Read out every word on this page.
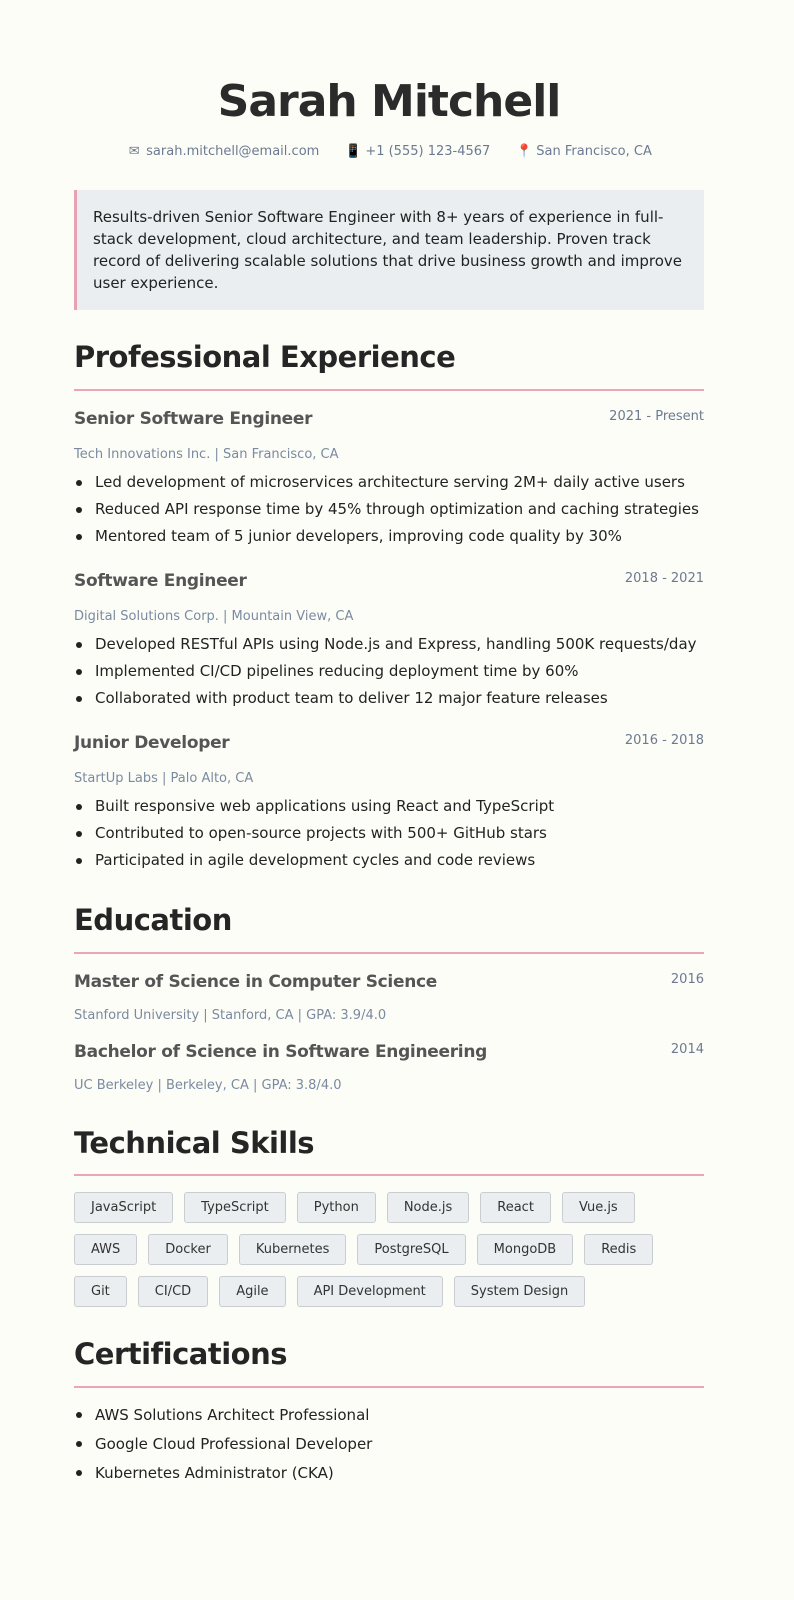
Sarah Mitchell
✉ sarah.mitchell@email.com 📱 +1 (555) 123-4567 📍 San Francisco, CA
Results-driven Senior Software Engineer with 8+ years of experience in full-stack development, cloud architecture, and team leadership. Proven track record of delivering scalable solutions that drive business growth and improve user experience.
Professional Experience
Senior Software Engineer	2021 - Present
Tech Innovations Inc. | San Francisco, CA
Led development of microservices architecture serving 2M+ daily active users
Reduced API response time by 45% through optimization and caching strategies
Mentored team of 5 junior developers, improving code quality by 30%
Software Engineer	2018 - 2021
Digital Solutions Corp. | Mountain View, CA
Developed RESTful APIs using Node.js and Express, handling 500K requests/day
Implemented CI/CD pipelines reducing deployment time by 60%
Collaborated with product team to deliver 12 major feature releases
Junior Developer	2016 - 2018
StartUp Labs | Palo Alto, CA
Built responsive web applications using React and TypeScript
Contributed to open-source projects with 500+ GitHub stars
Participated in agile development cycles and code reviews
Education
Master of Science in Computer Science	2016
Stanford University | Stanford, CA | GPA: 3.9/4.0
Bachelor of Science in Software Engineering	2014
UC Berkeley | Berkeley, CA | GPA: 3.8/4.0
Technical Skills
JavaScript	TypeScript	Python	Node.js	React	Vue.js
AWS	Docker	Kubernetes	PostgreSQL	MongoDB	Redis
Git	CI/CD	Agile	API Development	System Design
Certifications
AWS Solutions Architect Professional
Google Cloud Professional Developer
Kubernetes Administrator (CKA)
